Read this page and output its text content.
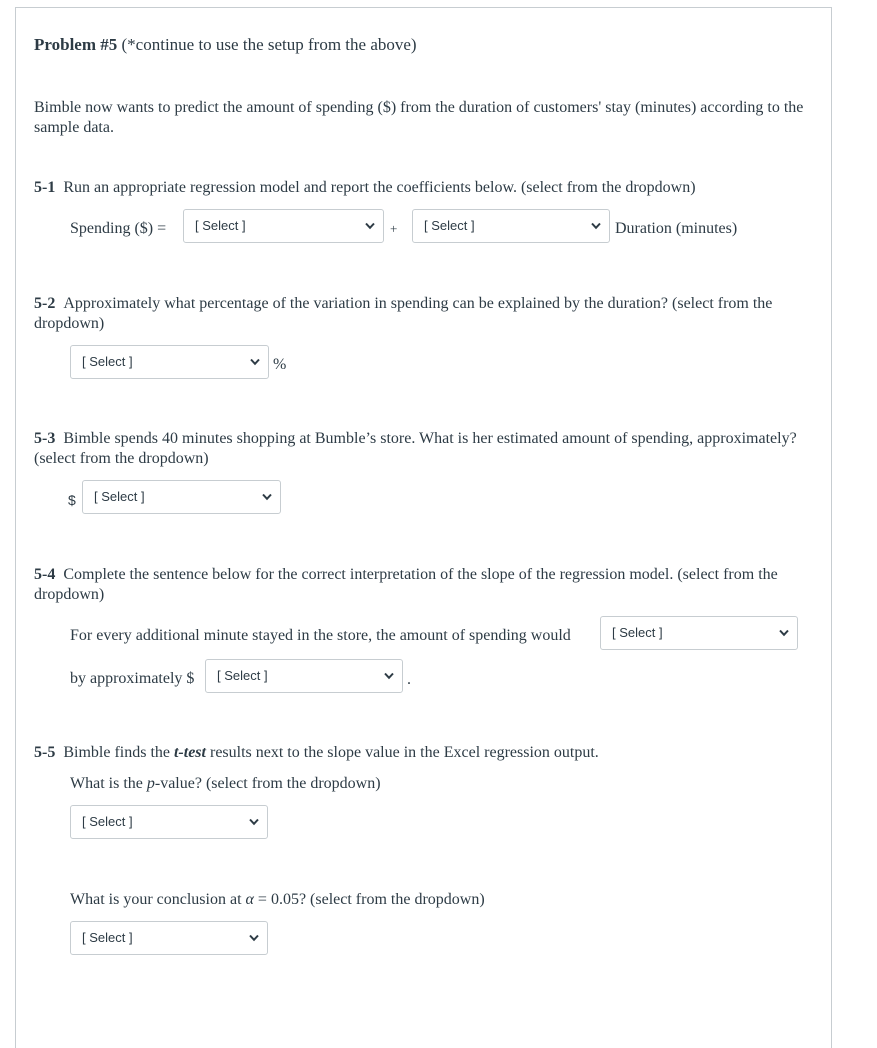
Problem #5 (*continue to use the setup from the above)
Bimble now wants to predict the amount of spending ($) from the duration of customers' stay (minutes) according to the sample data.
5-1 Run an appropriate regression model and report the coefficients below. (select from the dropdown)
Spending ($) = [ Select ]	+ [ Select ]	Duration (minutes)
5-2 Approximately what percentage of the variation in spending can be explained by the duration? (select from the dropdown)
[ Select ]	%
5-3 Bimble spends 40 minutes shopping at Bumble’s store. What is her estimated amount of spending, approximately? (select from the dropdown)
$ [ Select ]
5-4 Complete the sentence below for the correct interpretation of the slope of the regression model. (select from the dropdown)
For every additional minute stayed in the store, the amount of spending would	[ Select ]
by approximately $ [ Select ]	.
5-5 Bimble finds the t-test results next to the slope value in the Excel regression output.
What is the p-value? (select from the dropdown)
[ Select ]
What is your conclusion at α = 0.05? (select from the dropdown)
[ Select ]
